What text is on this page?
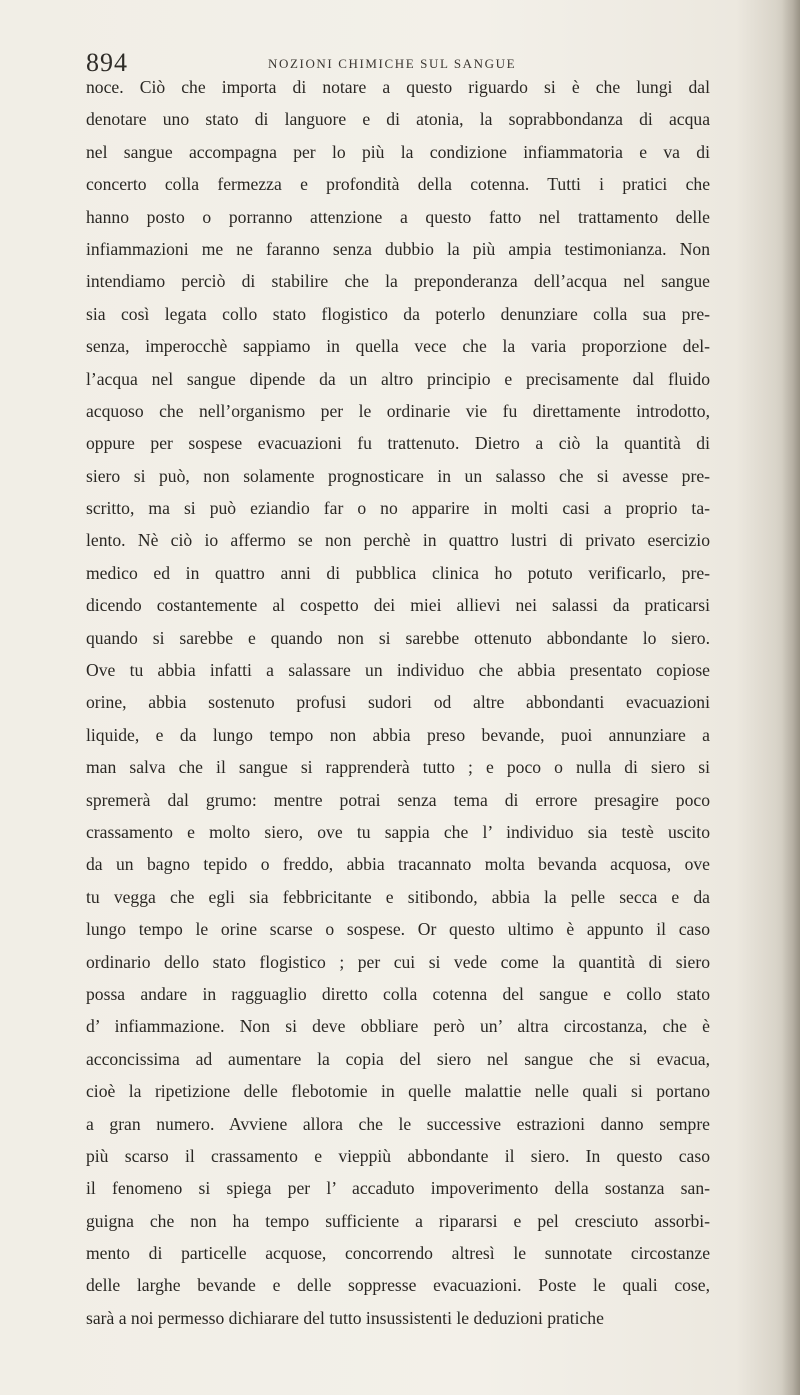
894	NOZIONI CHIMICHE SUL SANGUE
noce. Ciò che importa di notare a questo riguardo si è che lungi dal
denotare uno stato di languore e di atonia, la soprabbondanza di acqua
nel sangue accompagna per lo più la condizione infiammatoria e va di
concerto colla fermezza e profondità della cotenna. Tutti i pratici che
hanno posto o porranno attenzione a questo fatto nel trattamento delle
infiammazioni me ne faranno senza dubbio la più ampia testimonianza. Non
intendiamo perciò di stabilire che la preponderanza dell’acqua nel sangue
sia così legata collo stato flogistico da poterlo denunziare colla sua pre-
senza, imperocchè sappiamo in quella vece che la varia proporzione del-
l’acqua nel sangue dipende da un altro principio e precisamente dal fluido
acquoso che nell’organismo per le ordinarie vie fu direttamente introdotto,
oppure per sospese evacuazioni fu trattenuto. Dietro a ciò la quantità di
siero si può, non solamente prognosticare in un salasso che si avesse pre-
scritto, ma si può eziandio far o no apparire in molti casi a proprio ta-
lento. Nè ciò io affermo se non perchè in quattro lustri di privato esercizio
medico ed in quattro anni di pubblica clinica ho potuto verificarlo, pre-
dicendo costantemente al cospetto dei miei allievi nei salassi da praticarsi
quando si sarebbe e quando non si sarebbe ottenuto abbondante lo siero.
Ove tu abbia infatti a salassare un individuo che abbia presentato copiose
orine, abbia sostenuto profusi sudori od altre abbondanti evacuazioni
liquide, e da lungo tempo non abbia preso bevande, puoi annunziare a
man salva che il sangue si rapprenderà tutto ; e poco o nulla di siero si
spremerà dal grumo: mentre potrai senza tema di errore presagire poco
crassamento e molto siero, ove tu sappia che l’ individuo sia testè uscito
da un bagno tepido o freddo, abbia tracannato molta bevanda acquosa, ove
tu vegga che egli sia febbricitante e sitibondo, abbia la pelle secca e da
lungo tempo le orine scarse o sospese. Or questo ultimo è appunto il caso
ordinario dello stato flogistico ; per cui si vede come la quantità di siero
possa andare in ragguaglio diretto colla cotenna del sangue e collo stato
d’ infiammazione. Non si deve obbliare però un’ altra circostanza, che è
acconcissima ad aumentare la copia del siero nel sangue che si evacua,
cioè la ripetizione delle flebotomie in quelle malattie nelle quali si portano
a gran numero. Avviene allora che le successive estrazioni danno sempre
più scarso il crassamento e vieppiù abbondante il siero. In questo caso
il fenomeno si spiega per l’ accaduto impoverimento della sostanza san-
guigna che non ha tempo sufficiente a ripararsi e pel cresciuto assorbi-
mento di particelle acquose, concorrendo altresì le sunnotate circostanze
delle larghe bevande e delle soppresse evacuazioni. Poste le quali cose,
sarà a noi permesso dichiarare del tutto insussistenti le deduzioni pratiche
